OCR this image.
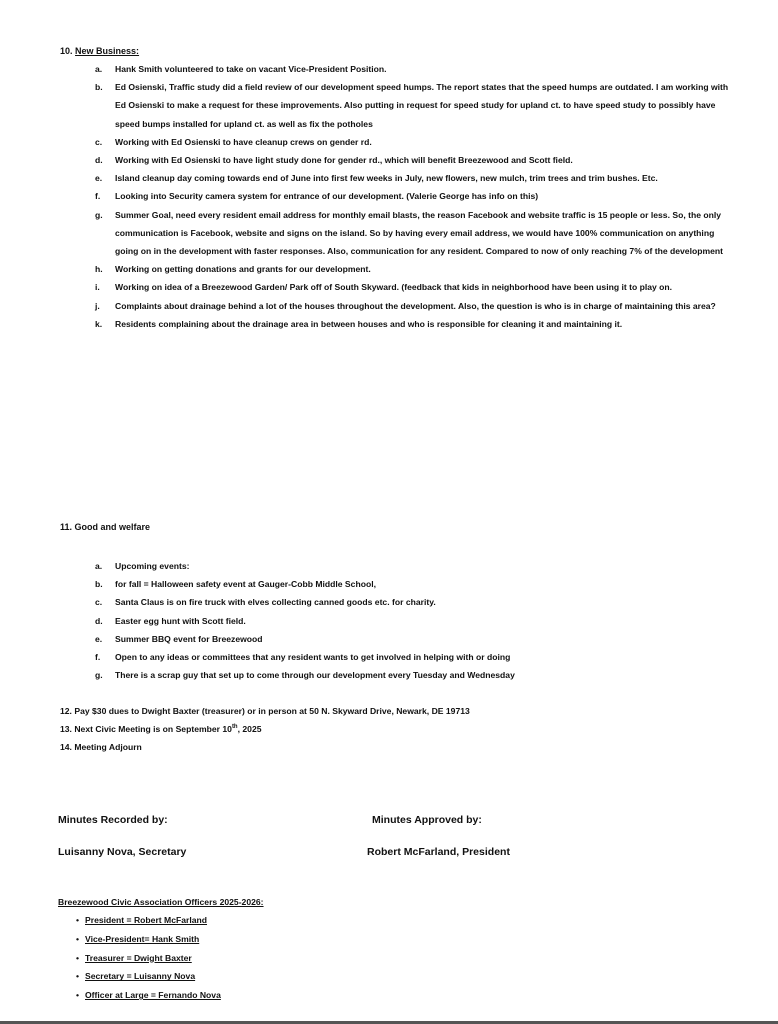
10. New Business:

a.	Hank Smith volunteered to take on vacant Vice-President Position.
b.	Ed Osienski, Traffic study did a field review of our development speed humps. The report states that the speed humps are outdated. I am working with Ed Osienski to make a request for these improvements. Also putting in request for speed study for upland ct. to have speed study to possibly have speed bumps installed for upland ct. as well as fix the potholes
c.	Working with Ed Osienski to have cleanup crews on gender rd.
d.	Working with Ed Osienski to have light study done for gender rd., which will benefit Breezewood and Scott field.
e.	Island cleanup day coming towards end of June into first few weeks in July, new flowers, new mulch, trim trees and trim bushes. Etc.
f.	Looking into Security camera system for entrance of our development. (Valerie George has info on this)
g.	Summer Goal, need every resident email address for monthly email blasts, the reason Facebook and website traffic is 15 people or less. So, the only communication is Facebook, website and signs on the island. So by having every email address, we would have 100% communication on anything going on in the development with faster responses. Also, communication for any resident. Compared to now of only reaching 7% of the development
h.	Working on getting donations and grants for our development.
i.	Working on idea of a Breezewood Garden/ Park off of South Skyward. (feedback that kids in neighborhood have been using it to play on.
j.	Complaints about drainage behind a lot of the houses throughout the development. Also, the question is who is in charge of maintaining this area?
k.	Residents complaining about the drainage area in between houses and who is responsible for cleaning it and maintaining it.

11. Good and welfare

a.	Upcoming events:
b.	for fall = Halloween safety event at Gauger-Cobb Middle School,
c.	Santa Claus is on fire truck with elves collecting canned goods etc. for charity.
d.	Easter egg hunt with Scott field.
e.	Summer BBQ event for Breezewood
f.	Open to any ideas or committees that any resident wants to get involved in helping with or doing
g.	There is a scrap guy that set up to come through our development every Tuesday and Wednesday

12. Pay $30 dues to Dwight Baxter (treasurer) or in person at 50 N. Skyward Drive, Newark, DE 19713

13. Next Civic Meeting is on September 10th, 2025

14. Meeting Adjourn

Minutes Recorded by:	Minutes Approved by:

Luisanny Nova, Secretary	Robert McFarland, President

Breezewood Civic Association Officers 2025-2026:

• President = Robert McFarland
• Vice-President= Hank Smith
• Treasurer = Dwight Baxter
• Secretary = Luisanny Nova
• Officer at Large = Fernando Nova
